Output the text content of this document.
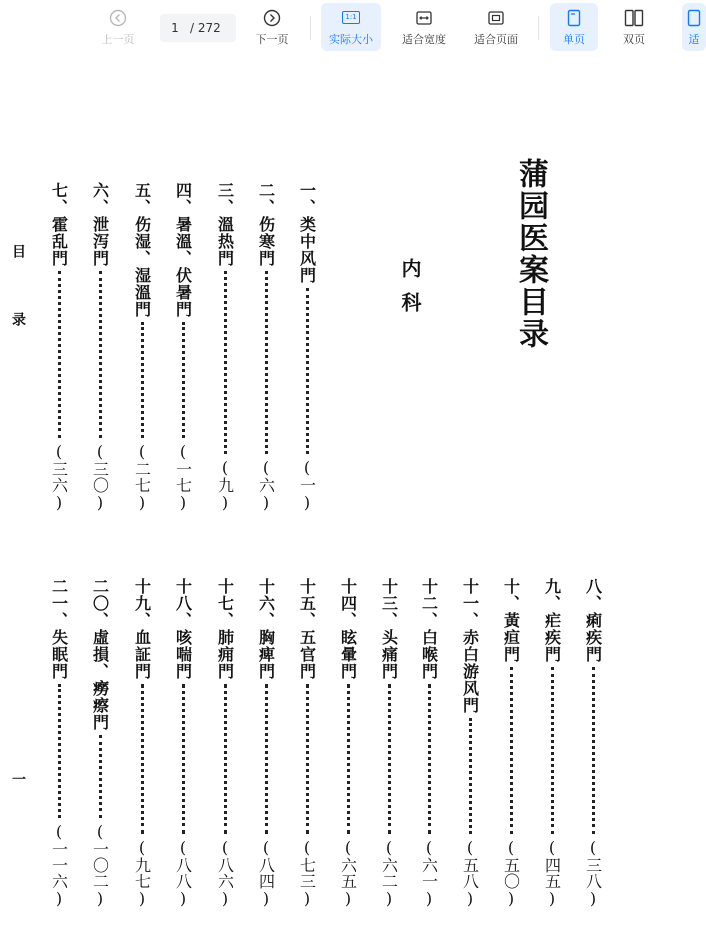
上一页
1
/ 272
下一页
1:1
实际大小	适合宽度	适合页面	单页	双页	适
蒲园医案目录
内科
目
录
一
一、类中风門
(一)
二、伤寒門
(六)
三、溫热門
(九)
四、暑溫、伏暑門
(一七)
五、伤湿、湿溫門
(二七)
六、泄泻門
(三〇)
七、霍乱門
(三六)
八、痢疾門
(三八)
九、疟疾門
(四五)
十、黃疸門
(五〇)
十一、赤白游风門
(五八)
十二、白喉門
(六一)
十三、头痛門
(六二)
十四、眩暈門
(六五)
十五、五官門
(七三)
十六、胸痺門
(八四)
十七、肺痈門
(八六)
十八、咳喘門
(八八)
十九、血証門
(九七)
二〇、虛損、癆瘵門
(一〇二)
二一、失眠門
(一一六)
